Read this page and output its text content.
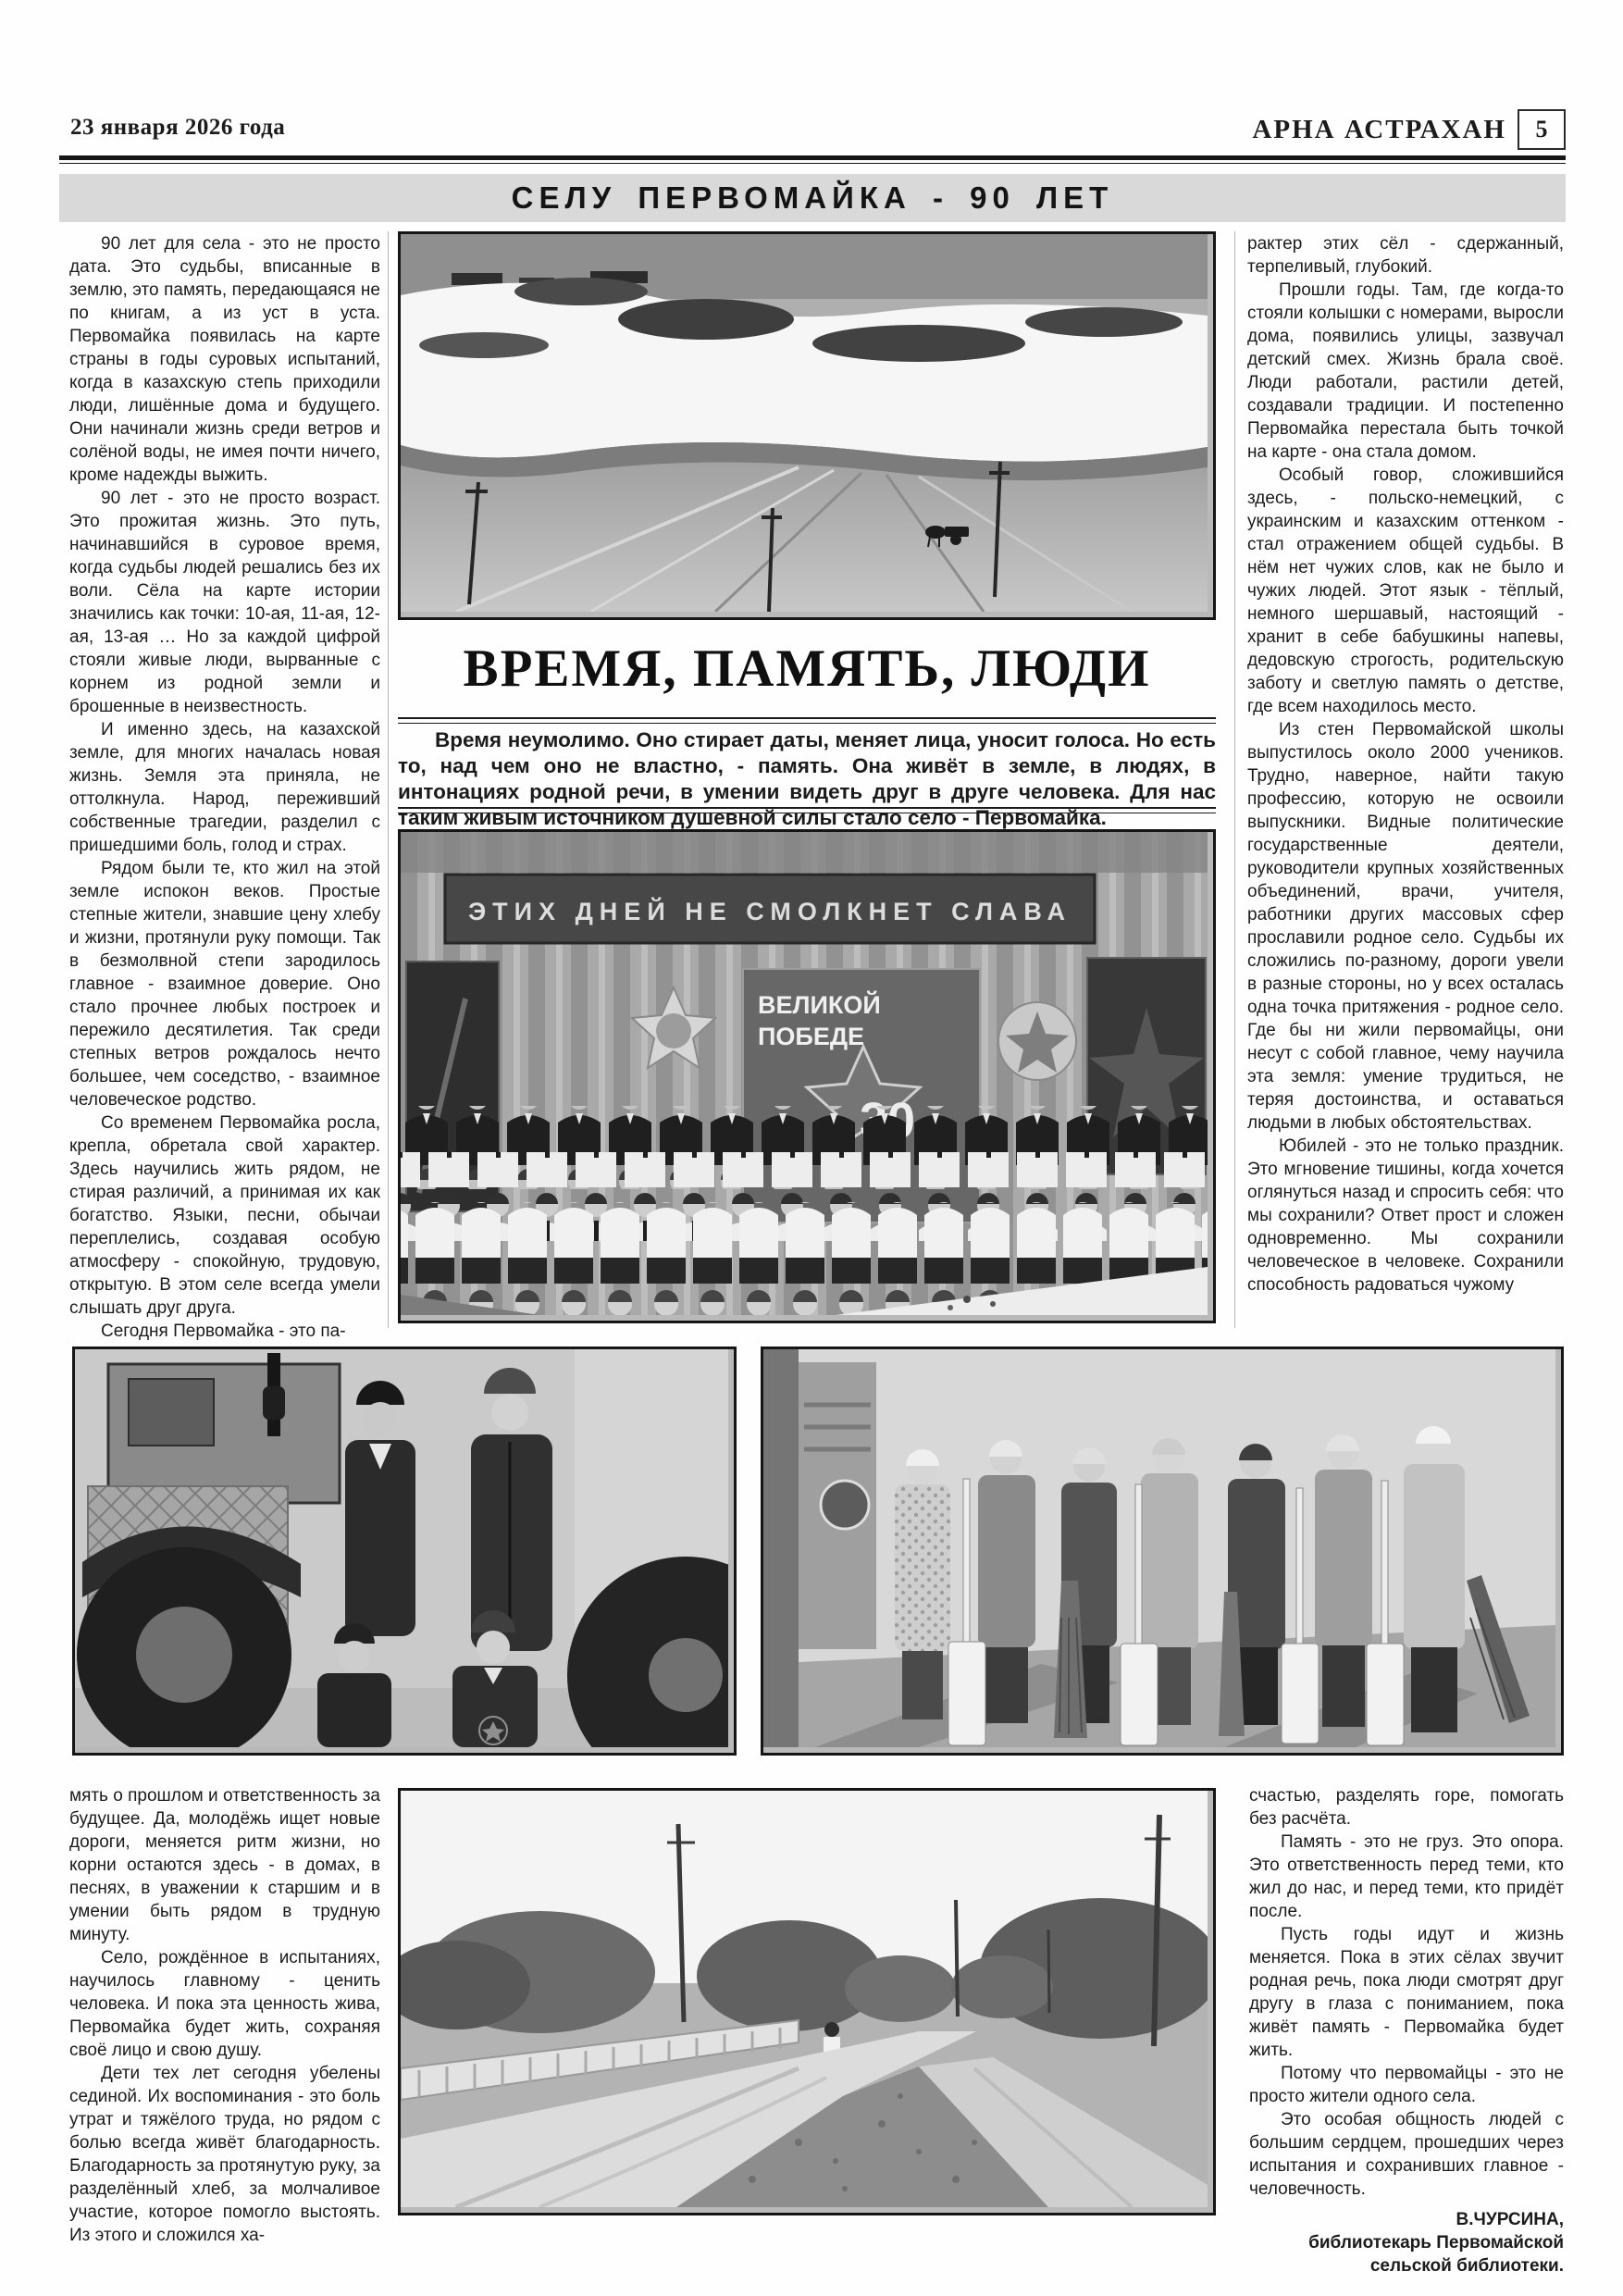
23 января 2026 года	АРНА АСТРАХАН	5
СЕЛУ ПЕРВОМАЙКА - 90 ЛЕТ

90 лет для села - это не просто дата. Это судьбы, вписанные в землю, это память, передающаяся не по книгам, а из уст в уста. Первомайка появилась на карте страны в годы суровых испытаний, когда в казахскую степь приходили люди, лишённые дома и будущего. Они начинали жизнь среди ветров и солёной воды, не имея почти ничего, кроме надежды выжить.

90 лет - это не просто возраст. Это прожитая жизнь. Это путь, начинавшийся в суровое время, когда судьбы людей решались без их воли. Сёла на карте истории значились как точки: 10-ая, 11-ая, 12-ая, 13-ая … Но за каждой цифрой стояли живые люди, вырванные с корнем из родной земли и брошенные в неизвестность.

И именно здесь, на казахской земле, для многих началась новая жизнь. Земля эта приняла, не оттолкнула. Народ, переживший собственные трагедии, разделил с пришедшими боль, голод и страх.

Рядом были те, кто жил на этой земле испокон веков. Простые степные жители, знавшие цену хлебу и жизни, протянули руку помощи. Так в безмолвной степи зародилось главное - взаимное доверие. Оно стало прочнее любых построек и пережило десятилетия. Так среди степных ветров рождалось нечто большее, чем соседство, - взаимное человеческое родство.

Со временем Первомайка росла, крепла, обретала свой характер. Здесь научились жить рядом, не стирая различий, а принимая их как богатство. Языки, песни, обычаи переплелись, создавая особую атмосферу - спокойную, трудовую, открытую. В этом селе всегда умели слышать друг друга.

Сегодня Первомайка - это па-

рактер этих сёл - сдержанный, терпеливый, глубокий.

Прошли годы. Там, где когда-то стояли колышки с номерами, выросли дома, появились улицы, зазвучал детский смех. Жизнь брала своё. Люди работали, растили детей, создавали традиции. И постепенно Первомайка перестала быть точкой на карте - она стала домом.

Особый говор, сложившийся здесь, - польско-немецкий, с украинским и казахским оттенком - стал отражением общей судьбы. В нём нет чужих слов, как не было и чужих людей. Этот язык - тёплый, немного шершавый, настоящий - хранит в себе бабушкины напевы, дедовскую строгость, родительскую заботу и светлую память о детстве, где всем находилось место.

Из стен Первомайской школы выпустилось около 2000 учеников. Трудно, наверное, найти такую профессию, которую не освоили выпускники. Видные политические государственные деятели, руководители крупных хозяйственных объединений, врачи, учителя, работники других массовых сфер прославили родное село. Судьбы их сложились по-разному, дороги увели в разные стороны, но у всех осталась одна точка притяжения - родное село. Где бы ни жили первомайцы, они несут с собой главное, чему научила эта земля: умение трудиться, не теряя достоинства, и оставаться людьми в любых обстоятельствах.

Юбилей - это не только праздник. Это мгновение тишины, когда хочется оглянуться назад и спросить себя: что мы сохранили? Ответ прост и сложен одновременно. Мы сохранили человеческое в человеке. Сохранили способность радоваться чужому

ВРЕМЯ, ПАМЯТЬ, ЛЮДИ

Время неумолимо. Оно стирает даты, меняет лица, уносит голоса. Но есть то, над чем оно не властно, - память. Она живёт в земле, в людях, в интонациях родной речи, в умении видеть друг в друге человека. Для нас таким живым источником душевной силы стало село - Первомайка.

ЭТИХ ДНЕЙ НЕ СМОЛКНЕТ СЛАВА
ВЕЛИКОЙ
ПОБЕДЕ

мять о прошлом и ответственность за будущее. Да, молодёжь ищет новые дороги, меняется ритм жизни, но корни остаются здесь - в домах, в песнях, в уважении к старшим и в умении быть рядом в трудную минуту.

Село, рождённое в испытаниях, научилось главному - ценить человека. И пока эта ценность жива, Первомайка будет жить, сохраняя своё лицо и свою душу.

Дети тех лет сегодня убелены сединой. Их воспоминания - это боль утрат и тяжёлого труда, но рядом с болью всегда живёт благодарность. Благодарность за протянутую руку, за разделённый хлеб, за молчаливое участие, которое помогло выстоять. Из этого и сложился ха-

счастью, разделять горе, помогать без расчёта.

Память - это не груз. Это опора. Это ответственность перед теми, кто жил до нас, и перед теми, кто придёт после.

Пусть годы идут и жизнь меняется. Пока в этих сёлах звучит родная речь, пока люди смотрят друг другу в глаза с пониманием, пока живёт память - Первомайка будет жить.

Потому что первомайцы - это не просто жители одного села.

Это особая общность людей с большим сердцем, прошедших через испытания и сохранивших главное - человечность.

В.ЧУРСИНА,
библиотекарь Первомайской сельской библиотеки.
